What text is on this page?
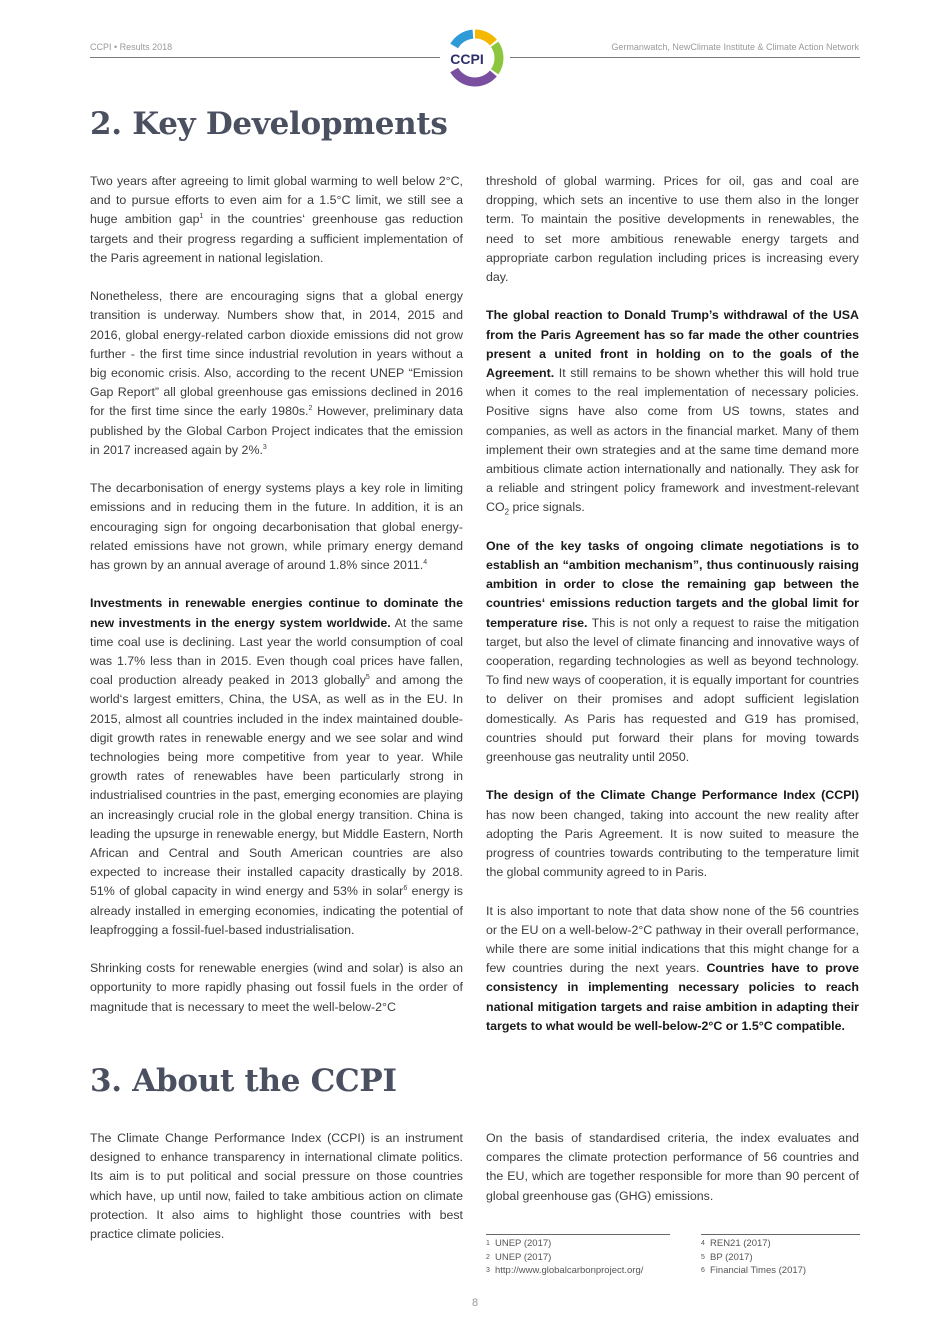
CCPI • Results 2018	Germanwatch, NewClimate Institute & Climate Action Network
CCPI
2. Key Developments

Two years after agreeing to limit global warming to well below 2°C, and to pursue efforts to even aim for a 1.5°C limit, we still see a huge ambition gap$^1$ in the countries‘ greenhouse gas reduction targets and their progress regarding a sufficient implementation of the Paris agreement in national legislation.

Nonetheless, there are encouraging signs that a global energy transition is underway. Numbers show that, in 2014, 2015 and 2016, global energy-related carbon dioxide emissions did not grow further - the first time since industrial revolution in years without a big economic crisis. Also, according to the recent UNEP “Emission Gap Report” all global greenhouse gas emissions declined in 2016 for the first time since the early 1980s.$^2$ However, preliminary data published by the Global Carbon Project indicates that the emission in 2017 increased again by 2%.$^3$

The decarbonisation of energy systems plays a key role in limiting emissions and in reducing them in the future. In addition, it is an encouraging sign for ongoing decarbonisation that global energy-related emissions have not grown, while primary energy demand has grown by an annual average of around 1.8% since 2011.$^4$

Investments in renewable energies continue to dominate the new investments in the energy system worldwide. At the same time coal use is declining. Last year the world consumption of coal was 1.7% less than in 2015. Even though coal prices have fallen, coal production already peaked in 2013 globally$^5$ and among the world‘s largest emitters, China, the USA, as well as in the EU. In 2015, almost all countries included in the index maintained double-digit growth rates in renewable energy and we see solar and wind technologies being more competitive from year to year. While growth rates of renewables have been particularly strong in industrialised countries in the past, emerging economies are playing an increasingly crucial role in the global energy transition. China is leading the upsurge in renewable energy, but Middle Eastern, North African and Central and South American countries are also expected to increase their installed capacity drastically by 2018. 51% of global capacity in wind energy and 53% in solar$^6$ energy is already installed in emerging economies, indicating the potential of leapfrogging a fossil-fuel-based industrialisation.

Shrinking costs for renewable energies (wind and solar) is also an opportunity to more rapidly phasing out fossil fuels in the order of magnitude that is necessary to meet the well-below-2°C

threshold of global warming. Prices for oil, gas and coal are dropping, which sets an incentive to use them also in the longer term. To maintain the positive developments in renewables, the need to set more ambitious renewable energy targets and appropriate carbon regulation including prices is increasing every day.

The global reaction to Donald Trump’s withdrawal of the USA from the Paris Agreement has so far made the other countries present a united front in holding on to the goals of the Agreement. It still remains to be shown whether this will hold true when it comes to the real implementation of necessary policies. Positive signs have also come from US towns, states and companies, as well as actors in the financial market. Many of them implement their own strategies and at the same time demand more ambitious climate action internationally and nationally. They ask for a reliable and stringent policy framework and investment-relevant $CO_2$ price signals.

One of the key tasks of ongoing climate negotiations is to establish an “ambition mechanism”, thus continuously raising ambition in order to close the remaining gap between the countries‘ emissions reduction targets and the global limit for temperature rise. This is not only a request to raise the mitigation target, but also the level of climate financing and innovative ways of cooperation, regarding technologies as well as beyond technology. To find new ways of cooperation, it is equally important for countries to deliver on their promises and adopt sufficient legislation domestically. As Paris has requested and G19 has promised, countries should put forward their plans for moving towards greenhouse gas neutrality until 2050.

The design of the Climate Change Performance Index (CCPI) has now been changed, taking into account the new reality after adopting the Paris Agreement. It is now suited to measure the progress of countries towards contributing to the temperature limit the global community agreed to in Paris.

It is also important to note that data show none of the 56 countries or the EU on a well-below-2°C pathway in their overall performance, while there are some initial indications that this might change for a few countries during the next years. Countries have to prove consistency in implementing necessary policies to reach national mitigation targets and raise ambition in adapting their targets to what would be well-below-2°C or 1.5°C compatible.

3. About the CCPI

The Climate Change Performance Index (CCPI) is an instrument designed to enhance transparency in international climate politics. Its aim is to put political and social pressure on those countries which have, up until now, failed to take ambitious action on climate protection. It also aims to highlight those countries with best practice climate policies.

On the basis of standardised criteria, the index evaluates and compares the climate protection performance of 56 countries and the EU, which are together responsible for more than 90 percent of global greenhouse gas (GHG) emissions.

1 UNEP (2017)
2 UNEP (2017)
3 http://www.globalcarbonproject.org/
4 REN21 (2017)
5 BP (2017)
6 Financial Times (2017)
8
